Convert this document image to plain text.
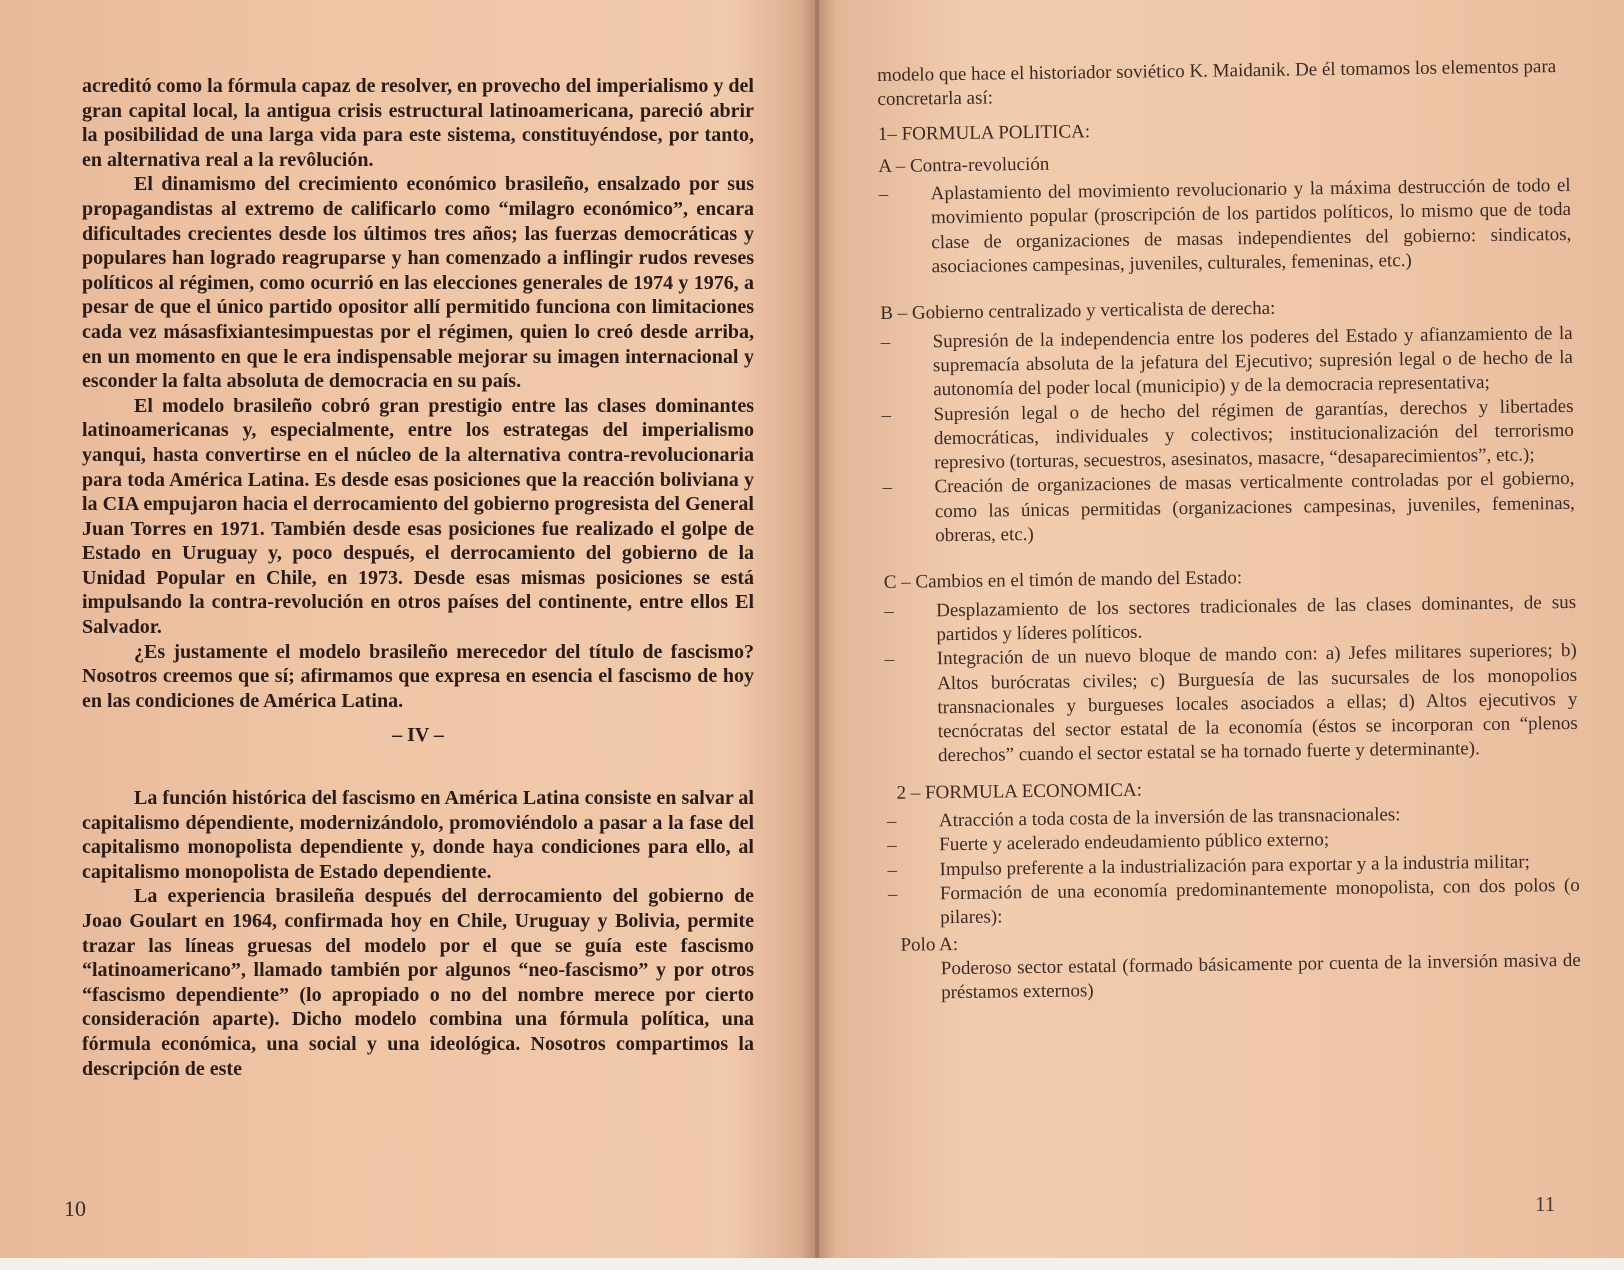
acreditó como la fórmula capaz de resolver, en provecho del imperialismo y del gran capital local, la antigua crisis estructural latinoamericana, pareció abrir la posibilidad de una larga vida para este sistema, constituyéndose, por tanto, en alternativa real a la revôlución.

El dinamismo del crecimiento económico brasileño, ensalzado por sus propagandistas al extremo de calificarlo como “milagro económico”, encara dificultades crecientes desde los últimos tres años; las fuerzas democráticas y populares han logrado reagruparse y han comenzado a inflingir rudos reveses políticos al régimen, como ocurrió en las elecciones generales de 1974 y 1976, a pesar de que el único partido opositor allí permitido funciona con limitaciones cada vez másasfixiantesimpuestas por el régimen, quien lo creó desde arriba, en un momento en que le era indispensable mejorar su imagen internacional y esconder la falta absoluta de democracia en su país.

El modelo brasileño cobró gran prestigio entre las clases dominantes latinoamericanas y, especialmente, entre los estrategas del imperialismo yanqui, hasta convertirse en el núcleo de la alternativa contra-revolucionaria para toda América Latina. Es desde esas posiciones que la reacción boliviana y la CIA empujaron hacia el derrocamiento del gobierno progresista del General Juan Torres en 1971. También desde esas posiciones fue realizado el golpe de Estado en Uruguay y, poco después, el derrocamiento del gobierno de la Unidad Popular en Chile, en 1973. Desde esas mismas posiciones se está impulsando la contra-revolución en otros países del continente, entre ellos El Salvador.

¿Es justamente el modelo brasileño merecedor del título de fascismo? Nosotros creemos que sí; afirmamos que expresa en esencia el fascismo de hoy en las condiciones de América Latina.

– IV –

La función histórica del fascismo en América Latina consiste en salvar al capitalismo dépendiente, modernizándolo, promoviéndolo a pasar a la fase del capitalismo monopolista dependiente y, donde haya condiciones para ello, al capitalismo monopolista de Estado dependiente.

La experiencia brasileña después del derrocamiento del gobierno de Joao Goulart en 1964, confirmada hoy en Chile, Uruguay y Bolivia, permite trazar las líneas gruesas del modelo por el que se guía este fascismo “latinoamericano”, llamado también por algunos “neo-fascismo” y por otros “fascismo dependiente” (lo apropiado o no del nombre merece por cierto consideración aparte). Dicho modelo combina una fórmula política, una fórmula económica, una social y una ideológica. Nosotros compartimos la descripción de este

10

modelo que hace el historiador soviético K. Maidanik. De él tomamos los elementos para concretarla así:

1– FORMULA POLITICA:

A – Contra-revolución

–	Aplastamiento del movimiento revolucionario y la máxima destrucción de todo el movimiento popular (proscripción de los partidos políticos, lo mismo que de toda clase de organizaciones de masas independientes del gobierno: sindicatos, asociaciones campesinas, juveniles, culturales, femeninas, etc.)

B – Gobierno centralizado y verticalista de derecha:

–	Supresión de la independencia entre los poderes del Estado y afianzamiento de la supremacía absoluta de la jefatura del Ejecutivo; supresión legal o de hecho de la autonomía del poder local (municipio) y de la democracia representativa;
–	Supresión legal o de hecho del régimen de garantías, derechos y libertades democráticas, individuales y colectivos; institucionalización del terrorismo represivo (torturas, secuestros, asesinatos, masacre, “desaparecimientos”, etc.);
–	Creación de organizaciones de masas verticalmente controladas por el gobierno, como las únicas permitidas (organizaciones campesinas, juveniles, femeninas, obreras, etc.)

C – Cambios en el timón de mando del Estado:

–	Desplazamiento de los sectores tradicionales de las clases dominantes, de sus partidos y líderes políticos.
–	Integración de un nuevo bloque de mando con: a) Jefes militares superiores; b) Altos burócratas civiles; c) Burguesía de las sucursales de los monopolios transnacionales y burgueses locales asociados a ellas; d) Altos ejecutivos y tecnócratas del sector estatal de la economía (éstos se incorporan con “plenos derechos” cuando el sector estatal se ha tornado fuerte y determinante).

2 – FORMULA ECONOMICA:

–	Atracción a toda costa de la inversión de las transnacionales:
–	Fuerte y acelerado endeudamiento público externo;
–	Impulso preferente a la industrialización para exportar y a la industria militar;
–	Formación de una economía predominantemente monopolista, con dos polos (o pilares):

Polo A:

Poderoso sector estatal (formado básicamente por cuenta de la inversión masiva de préstamos externos)

11
